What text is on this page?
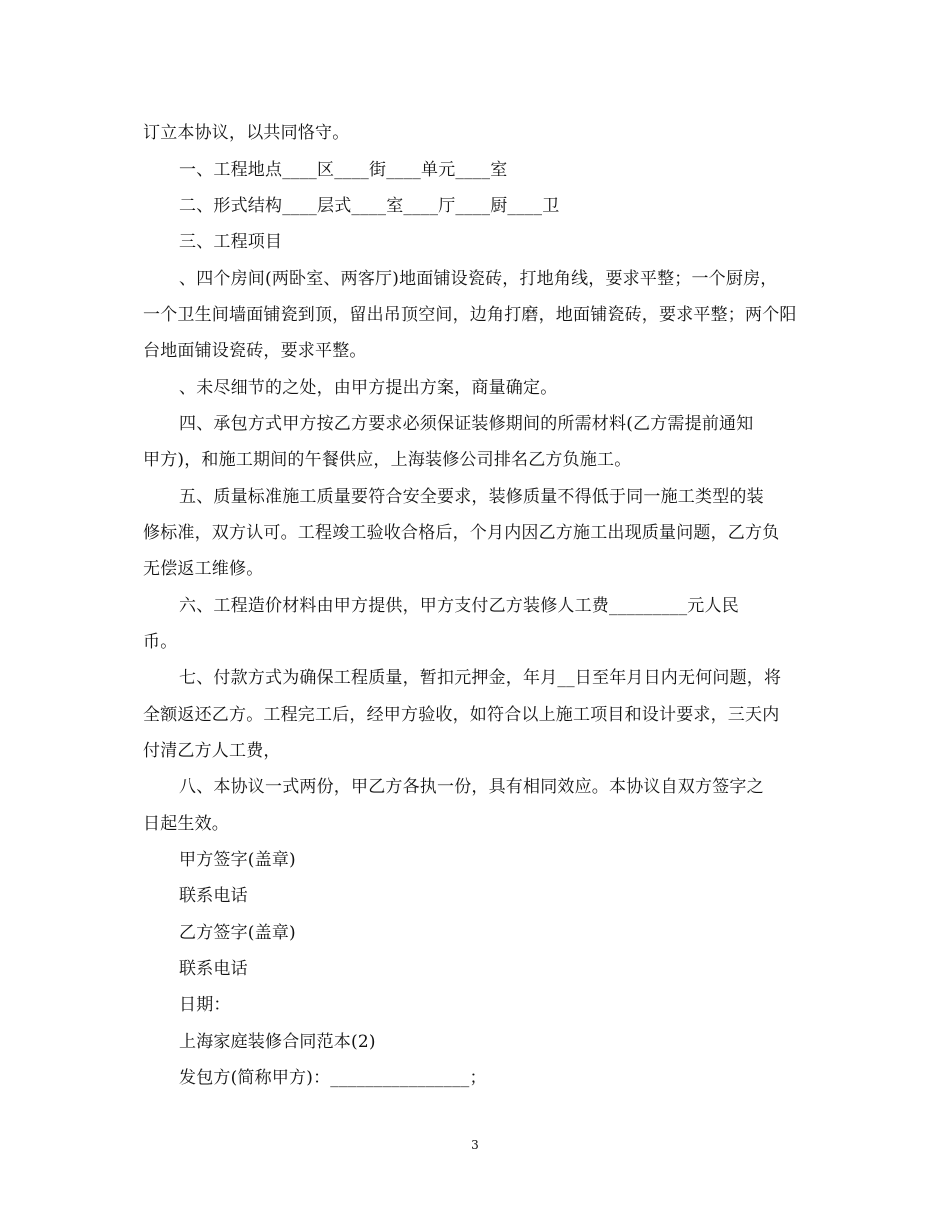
订立本协议，以共同恪守。
一、工程地点____区____街____单元____室
二、形式结构____层式____室____厅____厨____卫
三、工程项目
、四个房间(两卧室、两客厅)地面铺设瓷砖，打地角线，要求平整；一个厨房，
一个卫生间墙面铺瓷到顶，留出吊顶空间，边角打磨，地面铺瓷砖，要求平整；两个阳
台地面铺设瓷砖，要求平整。
、未尽细节的之处，由甲方提出方案，商量确定。
四、承包方式甲方按乙方要求必须保证装修期间的所需材料(乙方需提前通知
甲方)，和施工期间的午餐供应，上海装修公司排名乙方负施工。
五、质量标准施工质量要符合安全要求，装修质量不得低于同一施工类型的装
修标准，双方认可。工程竣工验收合格后，个月内因乙方施工出现质量问题，乙方负
无偿返工维修。
六、工程造价材料由甲方提供，甲方支付乙方装修人工费_________元人民
币。
七、付款方式为确保工程质量，暂扣元押金，年月__日至年月日内无何问题，将
全额返还乙方。工程完工后，经甲方验收，如符合以上施工项目和设计要求，三天内
付清乙方人工费，
八、本协议一式两份，甲乙方各执一份，具有相同效应。本协议自双方签字之
日起生效。
甲方签字(盖章)
联系电话
乙方签字(盖章)
联系电话
日期：
上海家庭装修合同范本(2)
发包方(简称甲方)：________________；
3
